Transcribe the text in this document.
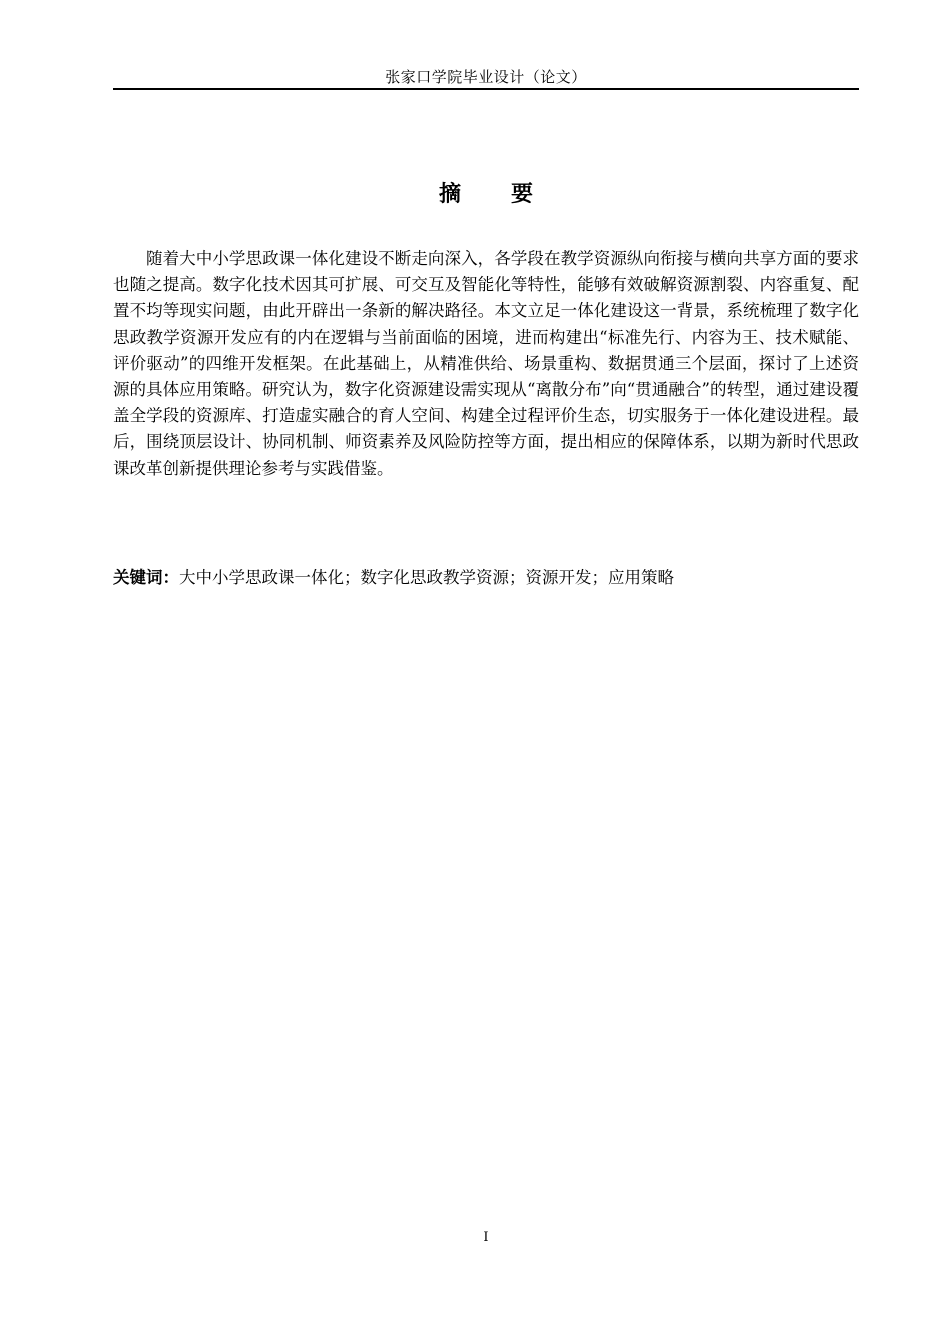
张家口学院毕业设计（论文）
摘 要

随着大中小学思政课一体化建设不断走向深入，各学段在教学资源纵向衔接与横向共享方面的要求也随之提高。数字化技术因其可扩展、可交互及智能化等特性，能够有效破解资源割裂、内容重复、配置不均等现实问题，由此开辟出一条新的解决路径。本文立足一体化建设这一背景，系统梳理了数字化思政教学资源开发应有的内在逻辑与当前面临的困境，进而构建出“标准先行、内容为王、技术赋能、评价驱动”的四维开发框架。在此基础上，从精准供给、场景重构、数据贯通三个层面，探讨了上述资源的具体应用策略。研究认为，数字化资源建设需实现从“离散分布”向“贯通融合”的转型，通过建设覆盖全学段的资源库、打造虚实融合的育人空间、构建全过程评价生态，切实服务于一体化建设进程。最后，围绕顶层设计、协同机制、师资素养及风险防控等方面，提出相应的保障体系，以期为新时代思政课改革创新提供理论参考与实践借鉴。

关键词：大中小学思政课一体化；数字化思政教学资源；资源开发；应用策略

I
